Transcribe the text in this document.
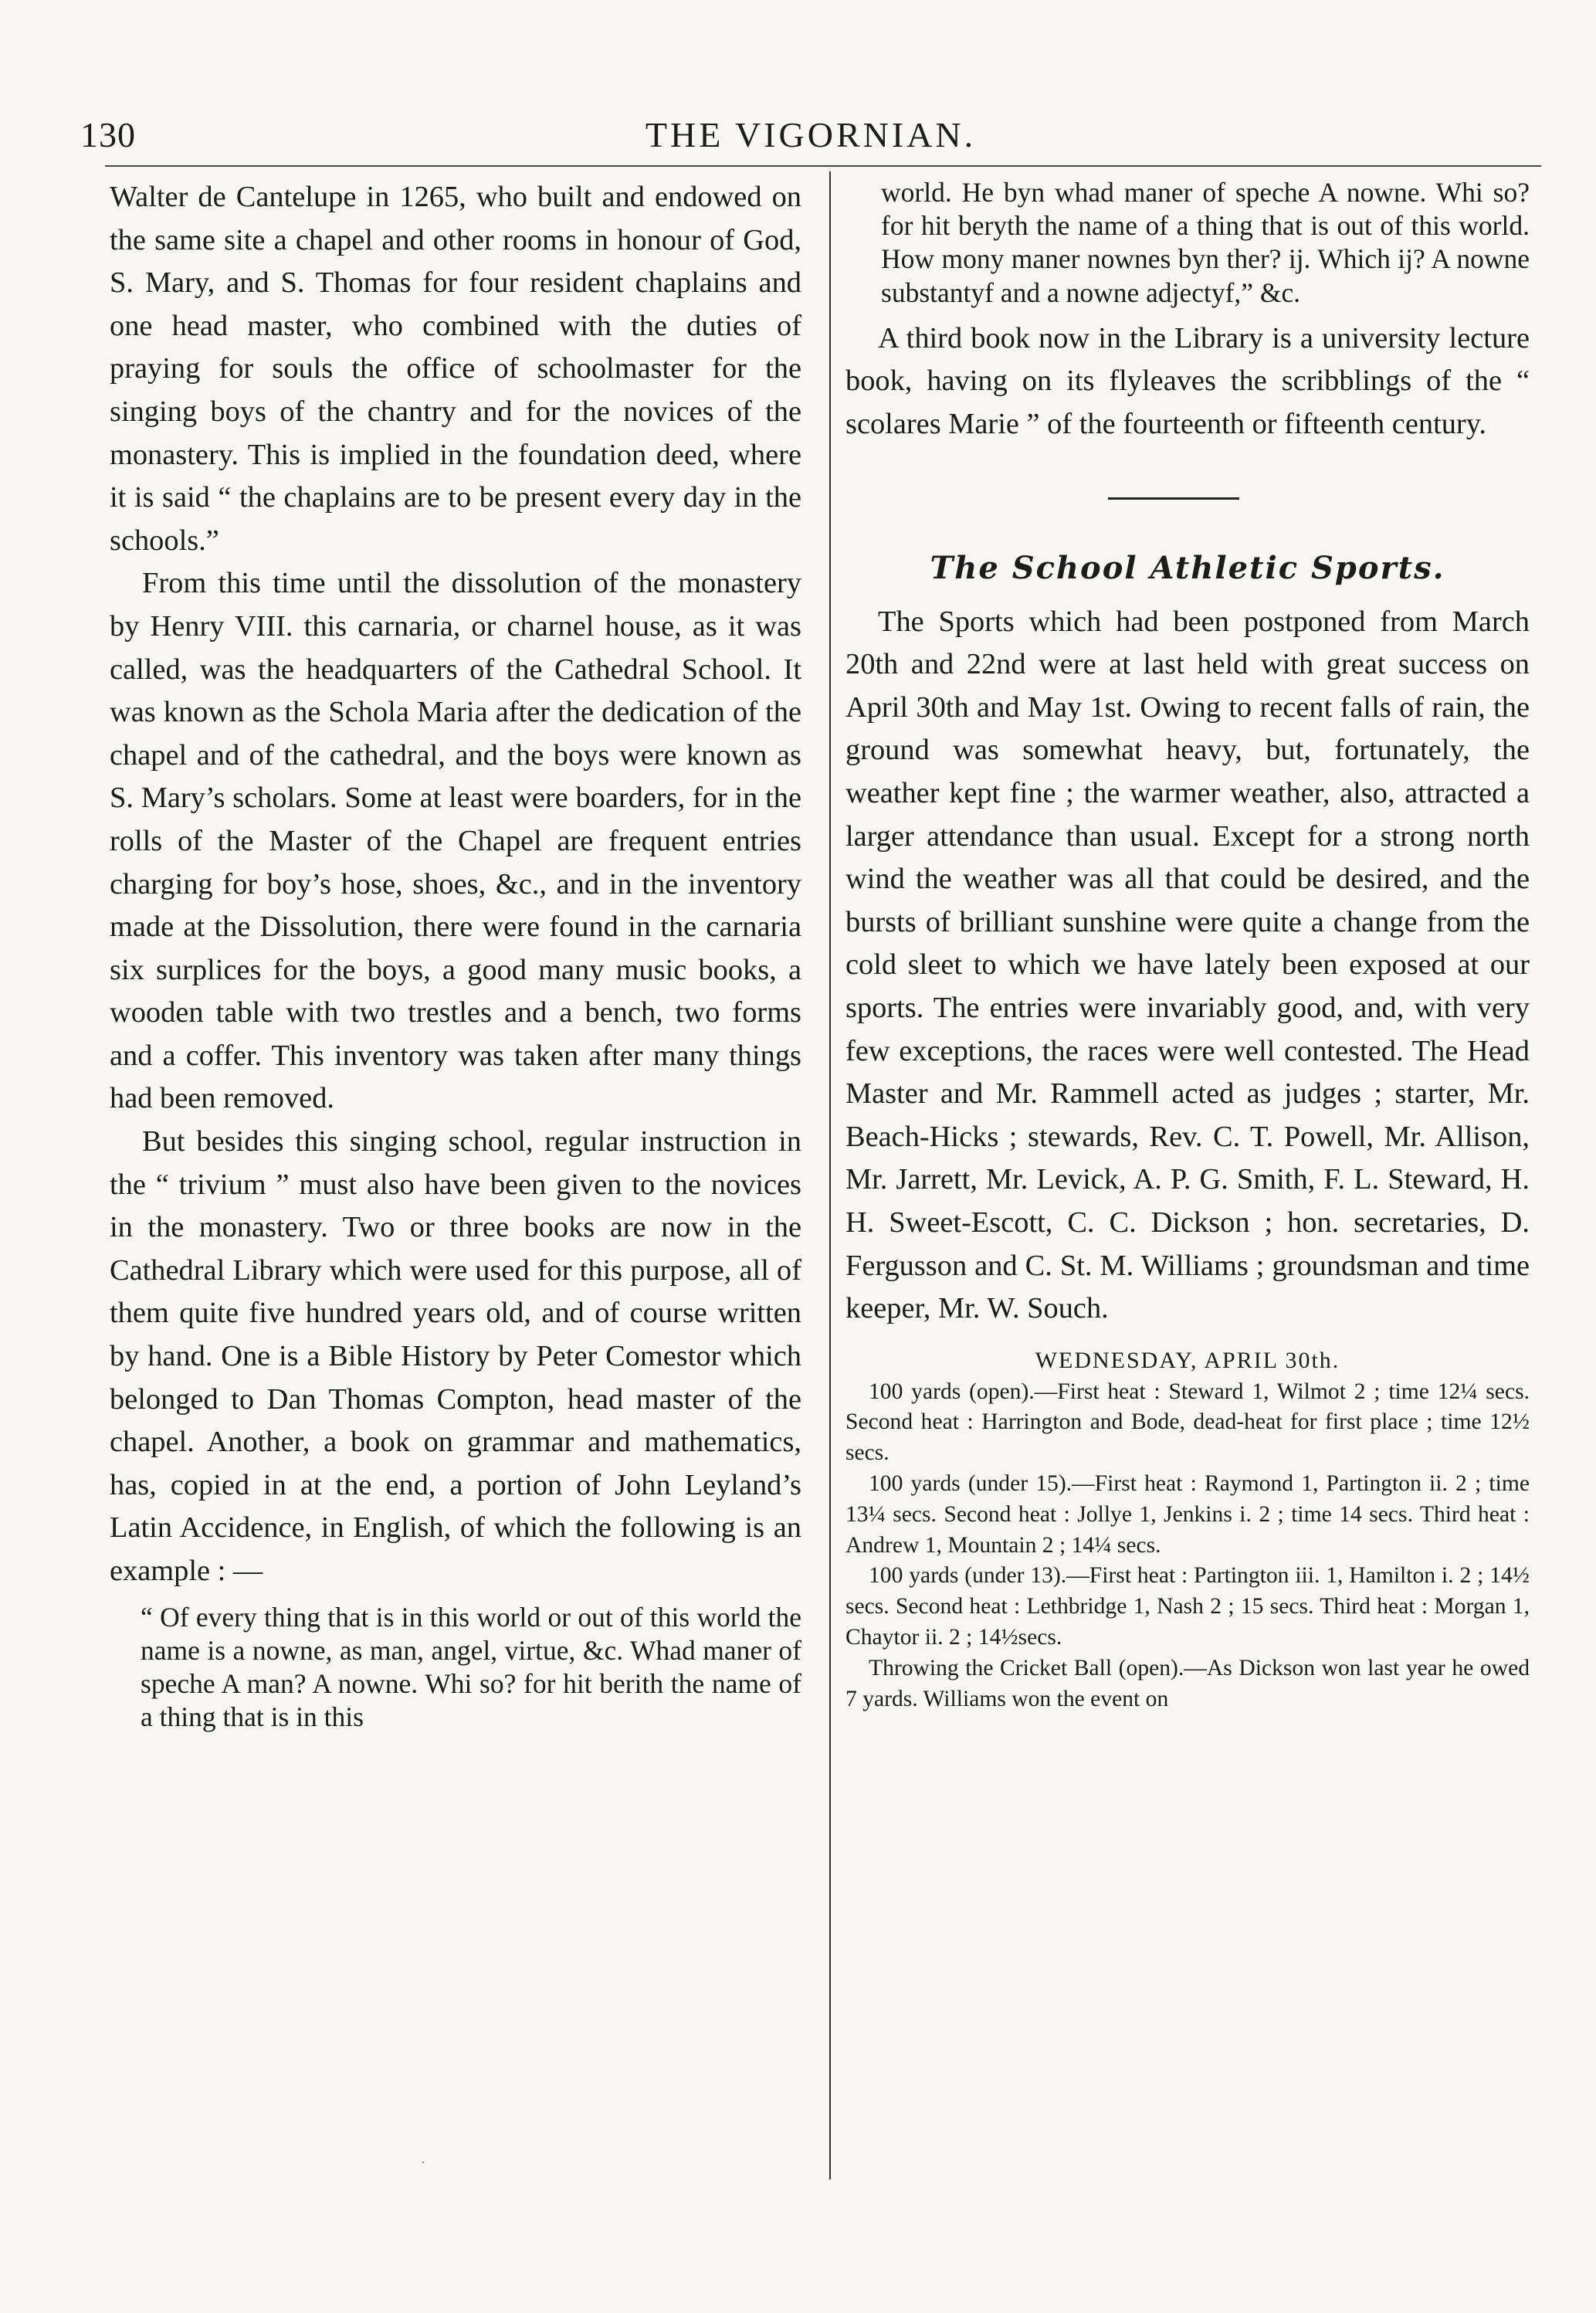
130	THE VIGORNIAN.

Walter de Cantelupe in 1265, who built and endowed on the same site a chapel and other rooms in honour of God, S. Mary, and S. Thomas for four resident chaplains and one head master, who combined with the duties of praying for souls the office of schoolmaster for the singing boys of the chantry and for the novices of the monastery. This is implied in the foundation deed, where it is said “ the chaplains are to be present every day in the schools.”

From this time until the dissolution of the monastery by Henry VIII. this carnaria, or charnel house, as it was called, was the headquarters of the Cathedral School. It was known as the Schola Maria after the dedication of the chapel and of the cathedral, and the boys were known as S. Mary’s scholars. Some at least were boarders, for in the rolls of the Master of the Chapel are frequent entries charging for boy’s hose, shoes, &c., and in the inventory made at the Dissolution, there were found in the carnaria six surplices for the boys, a good many music books, a wooden table with two trestles and a bench, two forms and a coffer. This inventory was taken after many things had been removed.

But besides this singing school, regular instruction in the “ trivium ” must also have been given to the novices in the monastery. Two or three books are now in the Cathedral Library which were used for this purpose, all of them quite five hundred years old, and of course written by hand. One is a Bible History by Peter Comestor which belonged to Dan Thomas Compton, head master of the chapel. Another, a book on grammar and mathematics, has, copied in at the end, a portion of John Leyland’s Latin Accidence, in English, of which the following is an example : —

“ Of every thing that is in this world or out of this world the name is a nowne, as man, angel, virtue, &c. Whad maner of speche A man? A nowne. Whi so? for hit berith the name of a thing that is in this

world. He byn whad maner of speche A nowne. Whi so? for hit beryth the name of a thing that is out of this world. How mony maner nownes byn ther? ij. Which ij? A nowne substantyf and a nowne adjectyf,” &c.

A third book now in the Library is a university lecture book, having on its flyleaves the scribblings of the “ scolares Marie ” of the fourteenth or fifteenth century.

The School Athletic Sports.

The Sports which had been postponed from March 20th and 22nd were at last held with great success on April 30th and May 1st. Owing to recent falls of rain, the ground was somewhat heavy, but, fortunately, the weather kept fine ; the warmer weather, also, attracted a larger attendance than usual. Except for a strong north wind the weather was all that could be desired, and the bursts of brilliant sunshine were quite a change from the cold sleet to which we have lately been exposed at our sports. The entries were invariably good, and, with very few exceptions, the races were well contested. The Head Master and Mr. Rammell acted as judges ; starter, Mr. Beach-Hicks ; stewards, Rev. C. T. Powell, Mr. Allison, Mr. Jarrett, Mr. Levick, A. P. G. Smith, F. L. Steward, H. H. Sweet-Escott, C. C. Dickson ; hon. secretaries, D. Fergusson and C. St. M. Williams ; groundsman and time keeper, Mr. W. Souch.

WEDNESDAY, APRIL 30th.

100 yards (open).—First heat : Steward 1, Wilmot 2 ; time 12¼ secs. Second heat : Harrington and Bode, dead-heat for first place ; time 12½ secs.

100 yards (under 15).—First heat : Raymond 1, Partington ii. 2 ; time 13¼ secs. Second heat : Jollye 1, Jenkins i. 2 ; time 14 secs. Third heat : Andrew 1, Mountain 2 ; 14¼ secs.

100 yards (under 13).—First heat : Partington iii. 1, Hamilton i. 2 ; 14½ secs. Second heat : Lethbridge 1, Nash 2 ; 15 secs. Third heat : Morgan 1, Chaytor ii. 2 ; 14½secs.

Throwing the Cricket Ball (open).—As Dickson won last year he owed 7 yards. Williams won the event on

·
